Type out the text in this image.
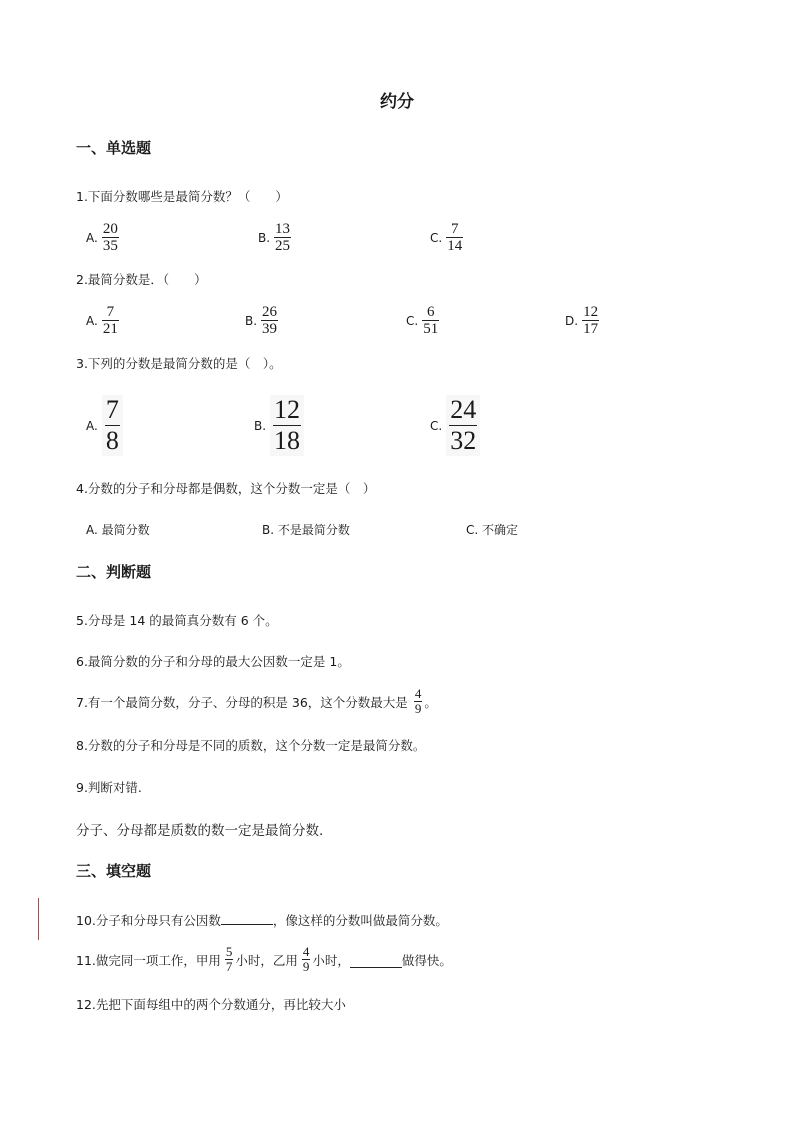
约分
一、单选题
1.下面分数哪些是最简分数？（　　）
A. $\frac{20}{35}$	B. $\frac{13}{25}$	C. $\frac{7}{14}$
2.最简分数是．（　　）
A. $\frac{7}{21}$	B. $\frac{26}{39}$	C. $\frac{6}{51}$	D. $\frac{12}{17}$
3.下列的分数是最简分数的是（　）。
A. $\frac{7}{8}$	B. $\frac{12}{18}$	C. $\frac{24}{32}$
4.分数的分子和分母都是偶数，这个分数一定是（　）
A. 最简分数	B. 不是最简分数	C. 不确定
二、判断题
5.分母是 14 的最简真分数有 6 个。
6.最简分数的分子和分母的最大公因数一定是 1。
7.有一个最简分数，分子、分母的积是 36，这个分数最大是 $\frac{4}{9}$ 。
8.分数的分子和分母是不同的质数，这个分数一定是最简分数。
9.判断对错.
分子、分母都是质数的数一定是最简分数.
三、填空题
10.分子和分母只有公因数	，像这样的分数叫做最简分数。
11.做完同一项工作，甲用 $\frac{5}{7}$ 小时，乙用 $\frac{4}{9}$ 小时，	做得快。
12.先把下面每组中的两个分数通分，再比较大小
